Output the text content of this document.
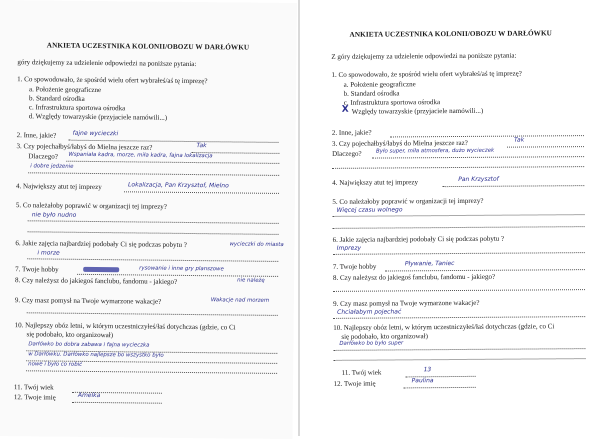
ANKIETA UCZESTNIKA KOLONII/OBOZU W DARŁÓWKU
góry dziękujemy za udzielenie odpowiedzi na poniższe pytania:
1. Co spowodowało, że spośród wielu ofert wybrałeś/aś tę imprezę?
a. Położenie geograficzne
b. Standard ośrodka
c. Infrastruktura sportowa ośrodka
d. Względy towarzyskie (przyjaciele namówili...)
2. Inne, jakie?	fajne wycieczki
3. Czy pojechałbyś/łabyś do Mielna jeszcze raz?	Tak
Dlaczego? Wspaniała kadra, morze, miła kadra, fajna lokalizacja
i dobre jedzenie
4. Największy atut tej imprezy	Lokalizacja, Pan Krzysztof, Mielno
5. Co należałoby poprawić w organizacji tej imprezy?
nie było nudno
6. Jakie zajęcia najbardziej podobały Ci się podczas pobytu ?	wycieczki do miasta
i morze
7. Twoje hobby	rysowanie i inne gry planszowe
8. Czy należysz do jakiegoś fanclubu, fandomu - jakiego?	nie należę
9. Czy masz pomysł na Twoje wymarzone wakacje?	Wakacje nad morzem
10. Najlepszy obóz letni, w którym uczestniczyłeś/łaś dotychczas (gdzie, co Ci
się podobało, kto organizował)
Darłówko bo dobra zabawa i fajna wycieczka
w Darłówku. Darłówko najlepsze bo wszystko było
nowe i było co robić
11. Twój wiek
12. Twoje imię	Amelka
ANKIETA UCZESTNIKA KOLONII/OBOZU W DARŁÓWKU
Z góry dziękujemy za udzielenie odpowiedzi na poniższe pytania:
1. Co spowodowało, że spośród wielu ofert wybrałeś/aś tę imprezę?
a. Położenie geograficzne
b. Standard ośrodka
c. Infrastruktura sportowa ośrodka
X Względy towarzyskie (przyjaciele namówili...)
2. Inne, jakie?
3. Czy pojechałbyś/łabyś do Mielna jeszcze raz?	Tak
Dlaczego?	Było super, miła atmosfera, dużo wycieczek
4. Największy atut tej imprezy	Pan Krzysztof
5. Co należałoby poprawić w organizacji tej imprezy?
Więcej czasu wolnego
6. Jakie zajęcia najbardziej podobały Ci się podczas pobytu ?
Imprezy
7. Twoje hobby	Pływanie, Taniec
8. Czy należysz do jakiegoś fanclubu, fandomu - jakiego?
9. Czy masz pomysł na Twoje wymarzone wakacje?
Chciałabym pojechać
10. Najlepszy obóz letni, w którym uczestniczyłeś/łaś dotychczas (gdzie, co Ci
się podobało, kto organizował)
Darłówko bo było super
11. Twój wiek	13
12. Twoje imię	Paulina
